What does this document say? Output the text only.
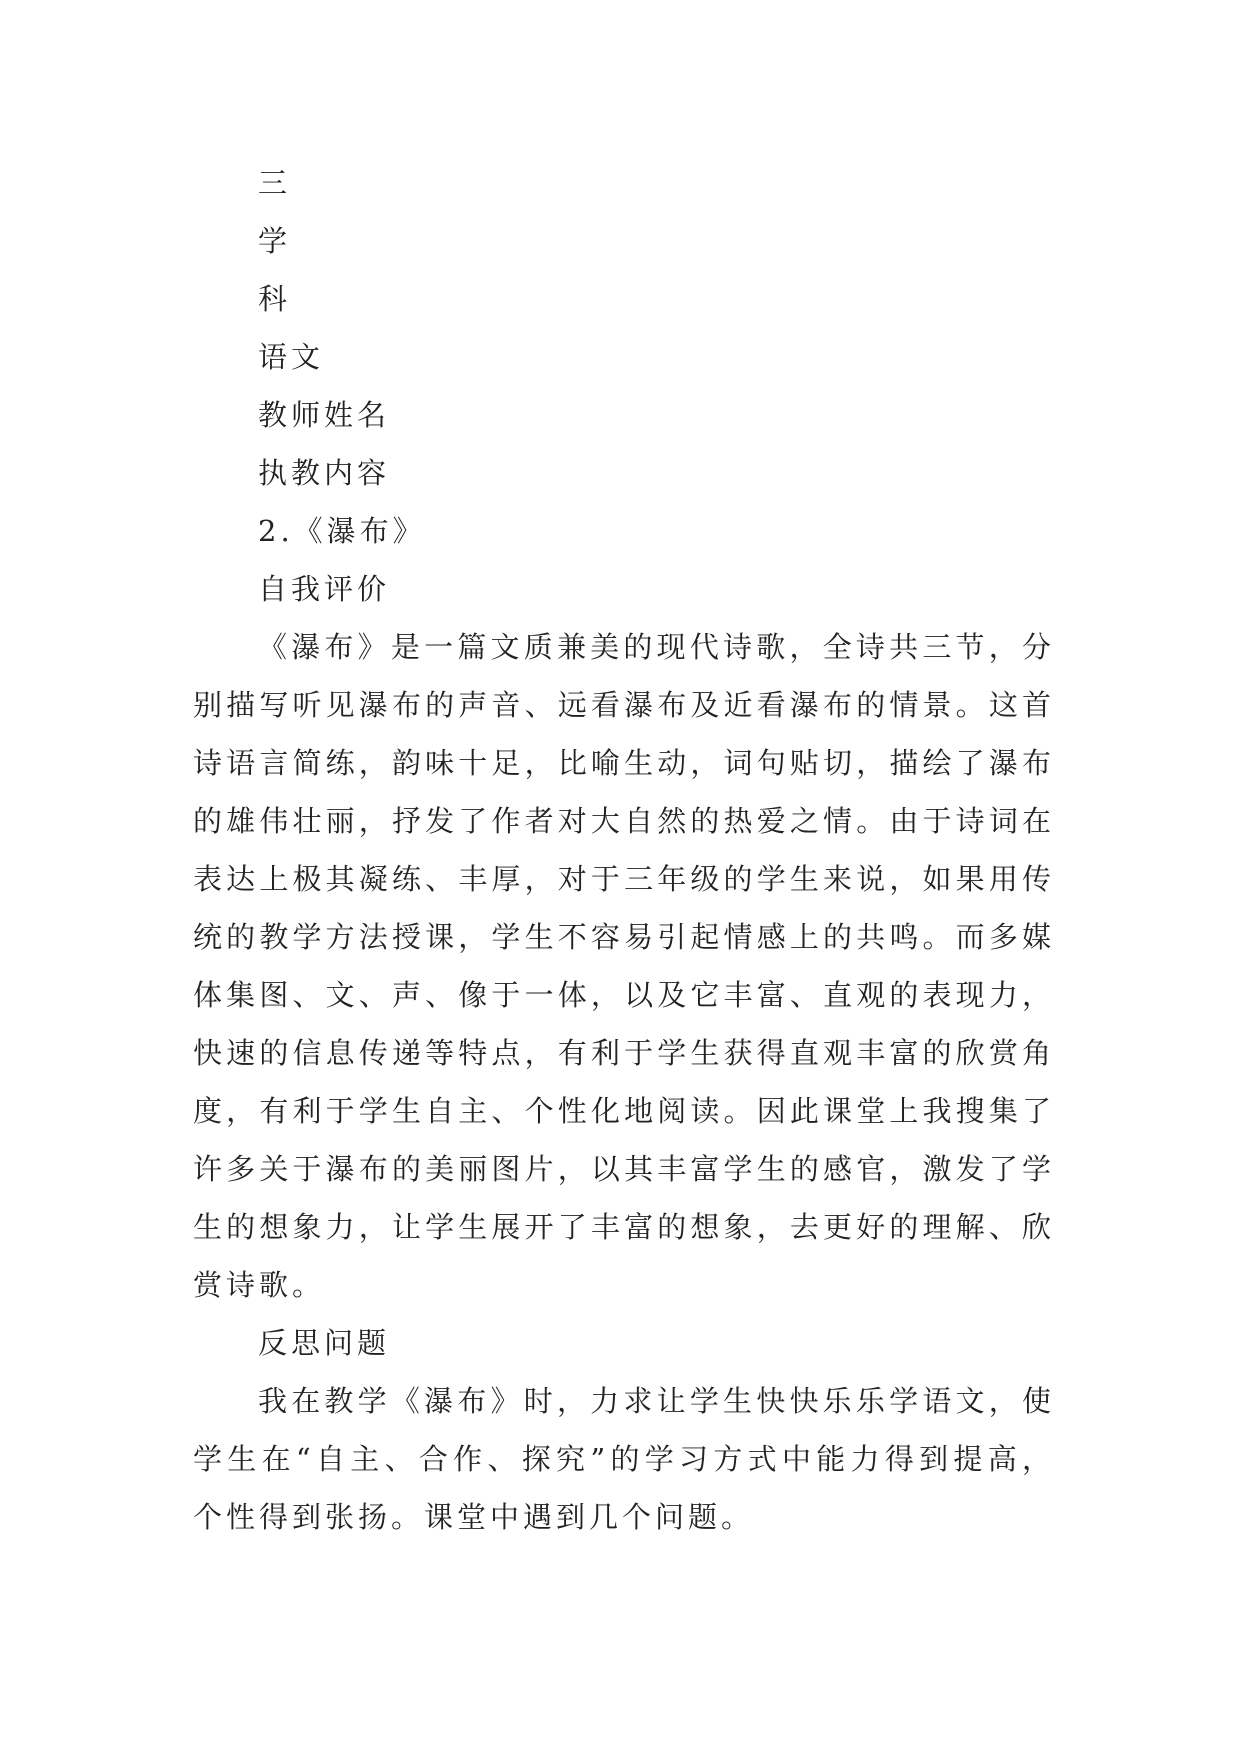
三
学
科
语文
教师姓名
执教内容
2.《瀑布》
自我评价
《瀑布》是一篇文质兼美的现代诗歌，全诗共三节，分
别描写听见瀑布的声音、远看瀑布及近看瀑布的情景。这首
诗语言简练，韵味十足，比喻生动，词句贴切，描绘了瀑布
的雄伟壮丽，抒发了作者对大自然的热爱之情。由于诗词在
表达上极其凝练、丰厚，对于三年级的学生来说，如果用传
统的教学方法授课，学生不容易引起情感上的共鸣。而多媒
体集图、文、声、像于一体，以及它丰富、直观的表现力，
快速的信息传递等特点，有利于学生获得直观丰富的欣赏角
度，有利于学生自主、个性化地阅读。因此课堂上我搜集了
许多关于瀑布的美丽图片，以其丰富学生的感官，激发了学
生的想象力，让学生展开了丰富的想象，去更好的理解、欣
赏诗歌。
反思问题
我在教学《瀑布》时，力求让学生快快乐乐学语文，使
学生在“自主、合作、探究”的学习方式中能力得到提高，
个性得到张扬。课堂中遇到几个问题。
